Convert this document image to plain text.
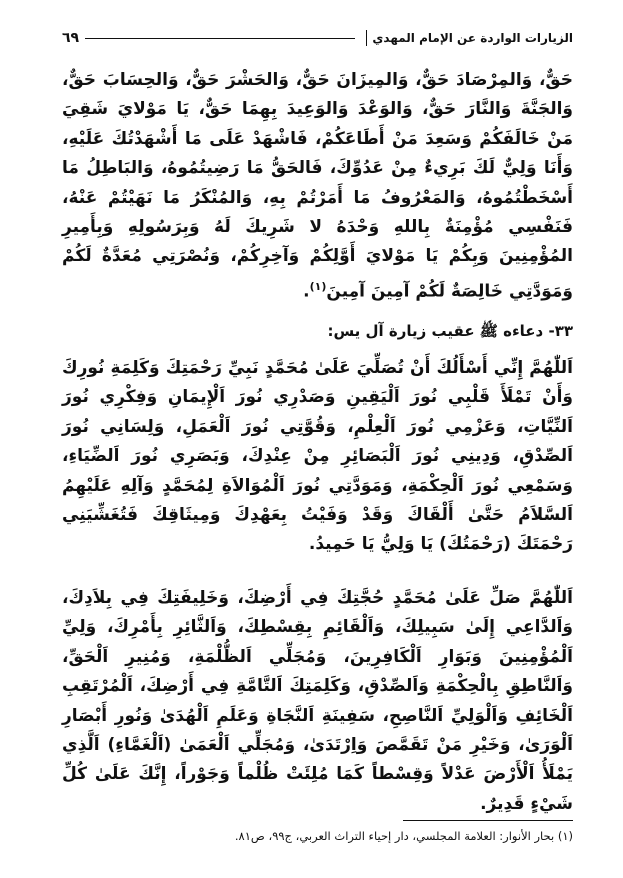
الزيارات الواردة عن الإمام المهدي
٦٩
حَقٌّ، وَالمِرْصَادَ حَقٌّ، وَالمِيزَانَ حَقٌّ، وَالحَشْرَ حَقٌّ، وَالحِسَابَ حَقٌّ، وَالجَنَّةَ وَالنَّارَ حَقٌّ، وَالوَعْدَ وَالوَعِيدَ بِهِمَا حَقٌّ، يَا مَوْلايَ شَقِيَ مَنْ خَالَفَكُمْ وَسَعِدَ مَنْ أَطَاعَكُمْ، فَاشْهَدْ عَلَى مَا أَشْهَدْتُكَ عَلَيْهِ، وَأَنَا وَلِيٌّ لَكَ بَرِيءٌ مِنْ عَدُوِّكَ، فَالحَقُّ مَا رَضِيتُمُوهُ، وَالبَاطِلُ مَا أَسْخَطْتُمُوهُ، وَالمَعْرُوفُ مَا أَمَرْتُمْ بِهِ، وَالمُنْكَرُ مَا نَهَيْتُمْ عَنْهُ، فَنَفْسِي مُؤْمِنَةٌ بِاللهِ وَحْدَهُ لا شَرِيكَ لَهُ وَبِرَسُولِهِ وَبِأَمِيرِ المُؤْمِنِينَ وَبِكُمْ يَا مَوْلايَ أَوَّلِكُمْ وَآخِرِكُمْ، وَنُصْرَتِي مُعَدَّةٌ لَكُمْ وَمَوَدَّتِي خَالِصَةٌ لَكُمْ آمِينَ آمِينَ$^{(١)}$.
٣٣- دعاءه ﷺ عقيب زيارة آل يس:
اَللّٰهُمَّ إِنِّي أَسْأَلُكَ أَنْ تُصَلِّيَ عَلَىٰ مُحَمَّدٍ نَبِيِّ رَحْمَتِكَ وَكَلِمَةِ نُورِكَ وَأَنْ تَمْلَأَ قَلْبِي نُورَ اَلْيَقِينِ وَصَدْرِي نُورَ اَلْإِيمَانِ وَفِكْرِي نُورَ اَلنِّيَّاتِ، وَعَزْمِي نُورَ اَلْعِلْمِ، وَقُوَّتِي نُورَ اَلْعَمَلِ، وَلِسَانِي نُورَ اَلصِّدْقِ، وَدِينِي نُورَ اَلْبَصَائِرِ مِنْ عِنْدِكَ، وَبَصَرِي نُورَ اَلضِّيَاءِ، وَسَمْعِي نُورَ اَلْحِكْمَةِ، وَمَوَدَّتِي نُورَ اَلْمُوَالاَةِ لِمُحَمَّدٍ وَآلِهِ عَلَيْهِمُ اَلسَّلاَمُ حَتَّىٰ أَلْقَاكَ وَقَدْ وَفَيْتُ بِعَهْدِكَ وَمِيثَاقِكَ فَتُغَشِّيَنِي رَحْمَتَكَ (رَحْمَتُكَ) يَا وَلِيُّ يَا حَمِيدُ.
اَللّٰهُمَّ صَلِّ عَلَىٰ مُحَمَّدٍ حُجَّتِكَ فِي أَرْضِكَ، وَخَلِيفَتِكَ فِي بِلاَدِكَ، وَاَلدَّاعِي إِلَىٰ سَبِيلِكَ، وَاَلْقَائِمِ بِقِسْطِكَ، وَاَلثَّائِرِ بِأَمْرِكَ، وَلِيِّ اَلْمُؤْمِنِينَ وَبَوَارِ اَلْكَافِرِينَ، وَمُجَلِّي اَلظُّلْمَةِ، وَمُنِيرِ اَلْحَقِّ، وَاَلنَّاطِقِ بِالْحِكْمَةِ وَاَلصِّدْقِ، وَكَلِمَتِكَ اَلتَّامَّةِ فِي أَرْضِكَ، اَلْمُرْتَقِبِ اَلْخَائِفِ وَاَلْوَلِيِّ اَلنَّاصِحِ، سَفِينَةِ اَلنَّجَاةِ وَعَلَمِ اَلْهُدَىٰ وَنُورِ أَبْصَارِ اَلْوَرَىٰ، وَخَيْرِ مَنْ تَقَمَّصَ وَاِرْتَدَىٰ، وَمُجَلِّي اَلْعَمَىٰ (اَلْغَمَّاءِ) اَلَّذِي يَمْلَأُ اَلْأَرْضَ عَدْلاً وَقِسْطاً كَمَا مُلِئَتْ ظُلْماً وَجَوْراً، إِنَّكَ عَلَىٰ كُلِّ شَيْءٍ قَدِيرٌ.
(١) بحار الأنوار: العلامة المجلسي، دار إحياء التراث العربي، ج٩٩، ص٨١.
